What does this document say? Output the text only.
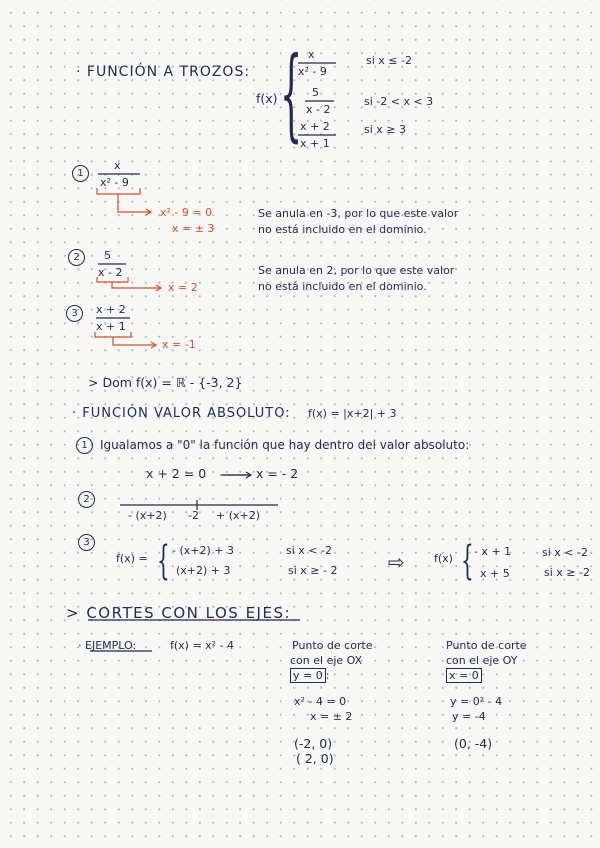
· FUNCIÓN A TROZOS:
f(x) { x
x² - 9
si x ≤ -2
5
x - 2
si -2 < x < 3
x + 2
x + 1
si x ≥ 3
1
x
x² - 9
x² - 9 = 0
x = ± 3
Se anula en -3, por lo que este valor
no está incluido en el dominio.
2	5
x - 2
x = 2
Se anula en 2, por lo que este valor
no está incluido en el dominio.
3	x + 2
x + 1
x = -1
> Dom f(x) = ℝ - {-3, 2}
· FUNCIÓN VALOR ABSOLUTO: f(x) = |x+2| + 3
1	Igualamos a "0" la función que hay dentro del valor absoluto:
x + 2 = 0	x = - 2
2
- (x+2) -2 + (x+2)
3
f(x) = { - (x+2) + 3	si x < -2
(x+2) + 3	si x ≥ - 2	⇨	f(x) { - x + 1	si x < -2
x + 5	si x ≥ -2
> CORTES CON LOS EJES:
· EJEMPLO:	f(x) = x² - 4	Punto de corte
con el eje OX
y = 0 :
x² - 4 = 0
x = ± 2
(-2, 0)
( 2, 0)
Punto de corte
con el eje OY
x = 0
y = 0² - 4
y = -4
(0, -4)
